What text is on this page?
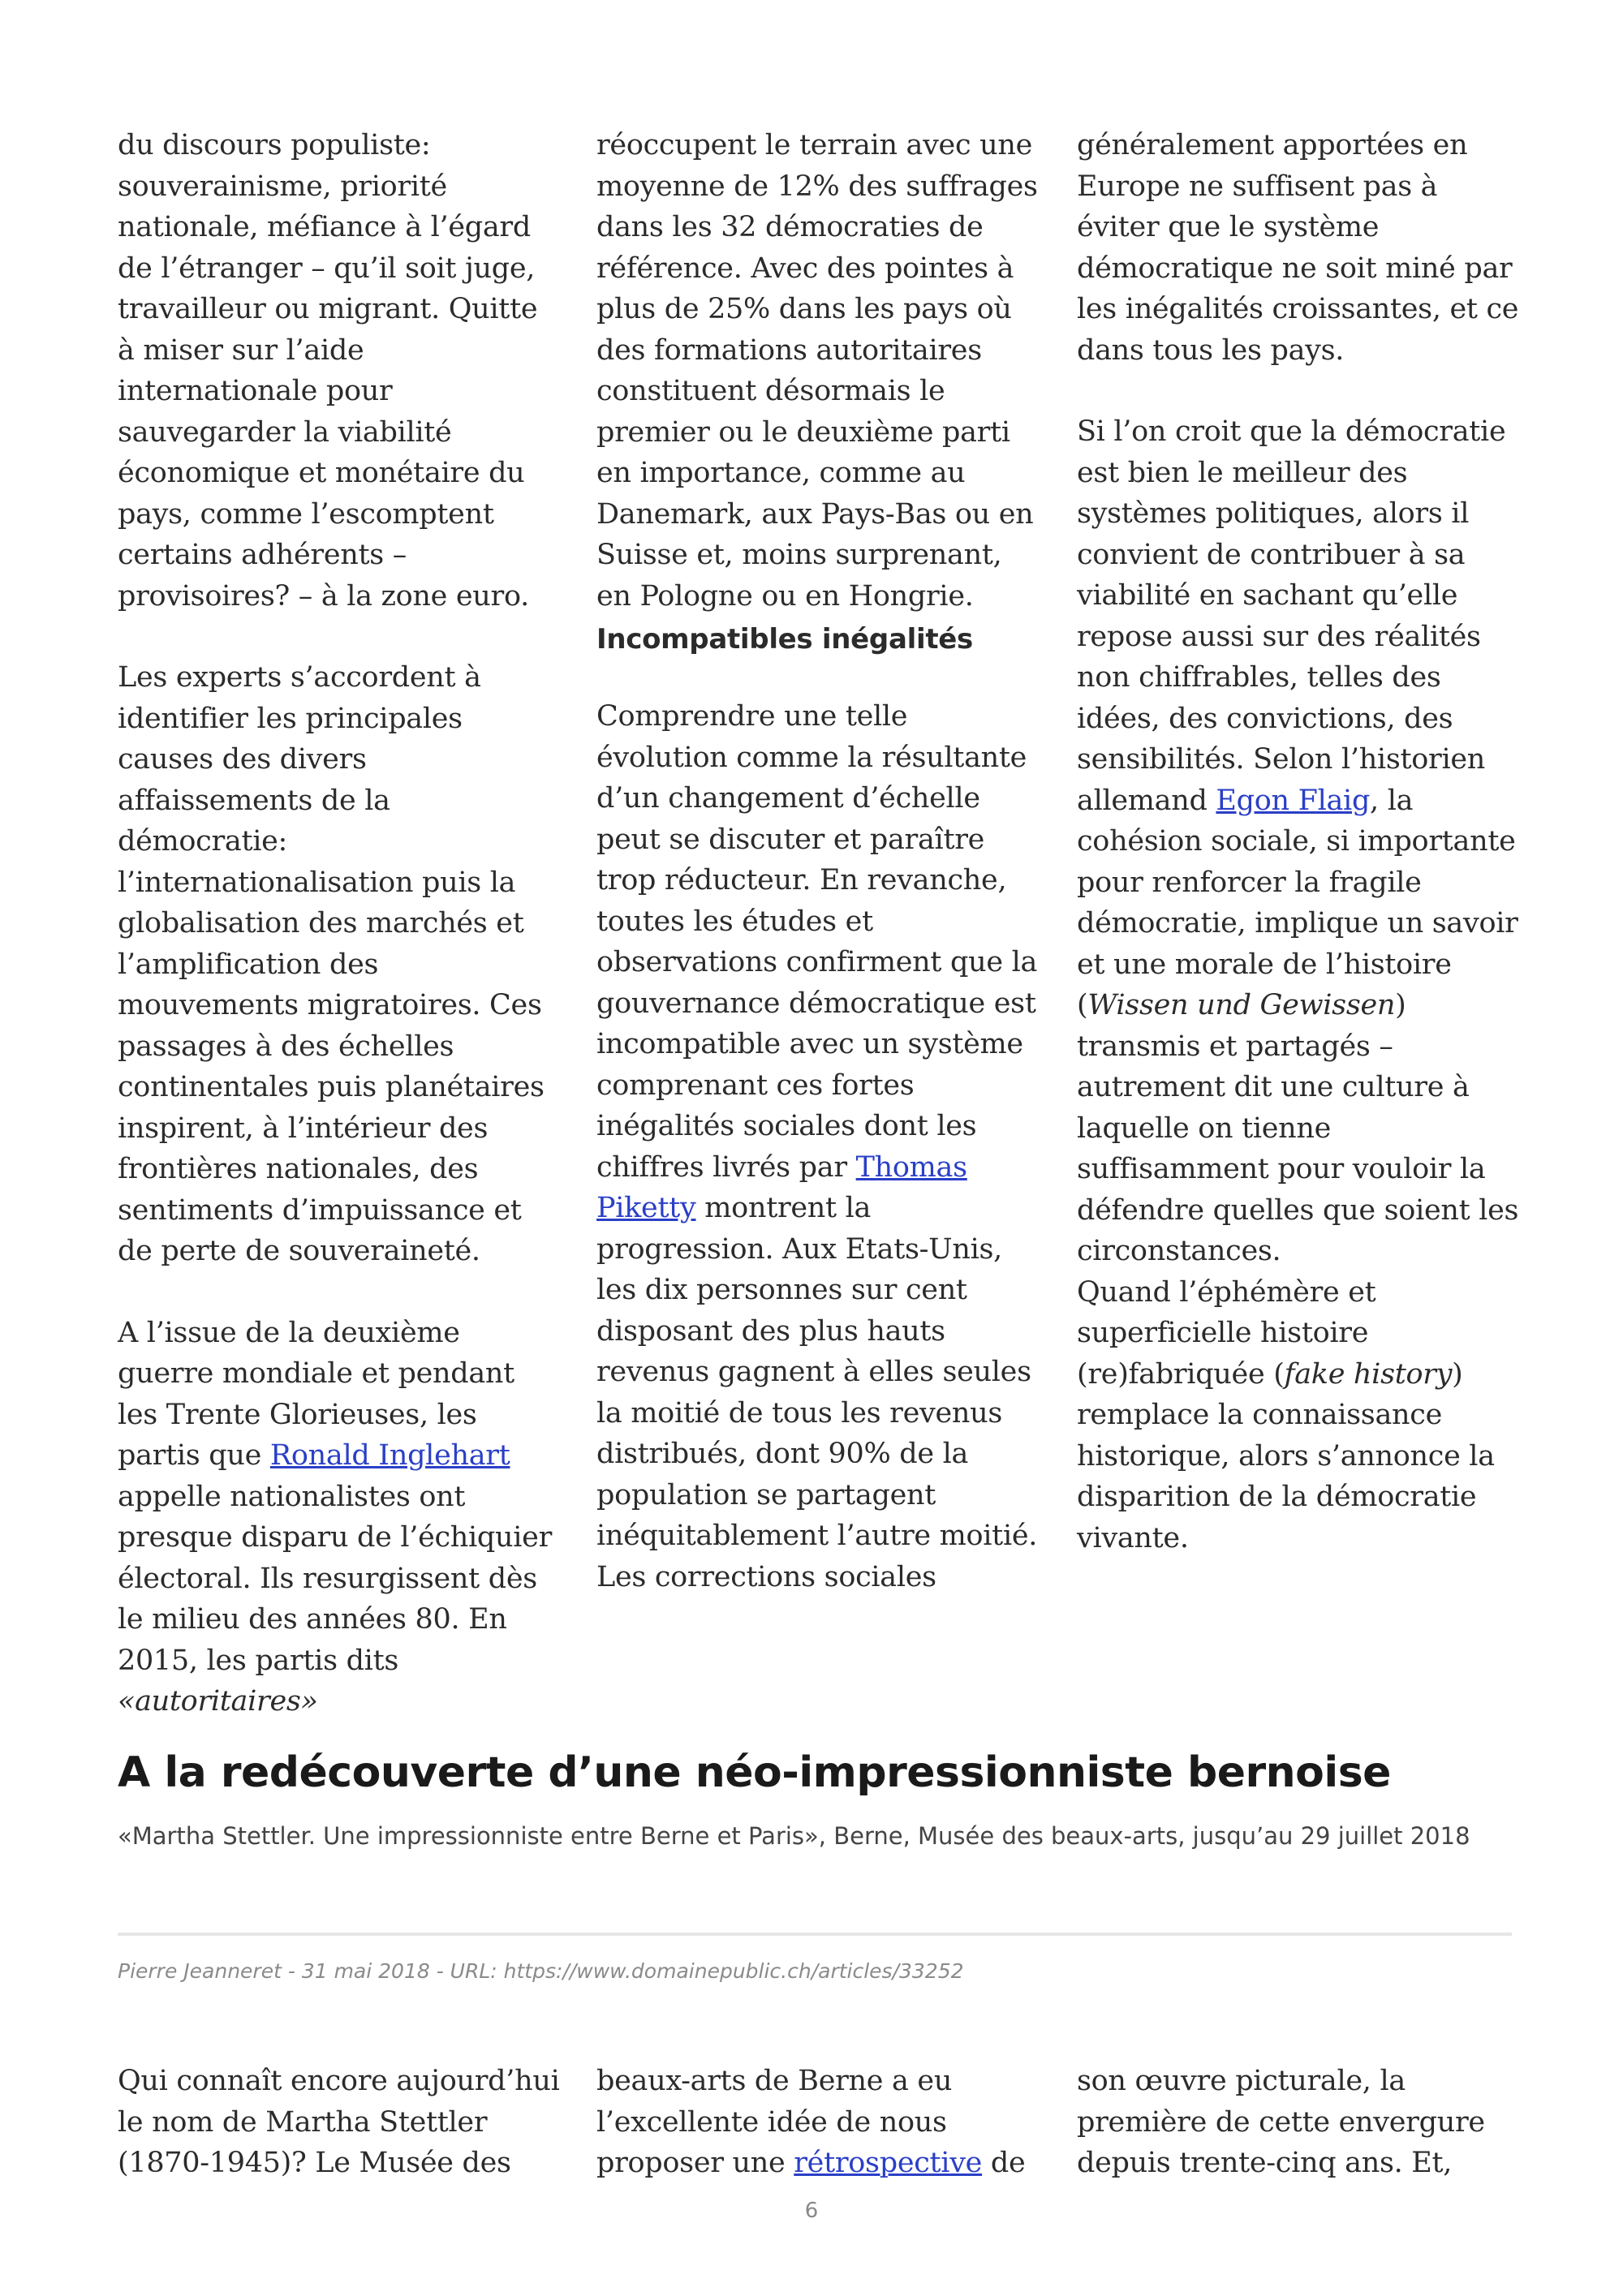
du discours populiste: souverainisme, priorité nationale, méfiance à l’égard de l’étranger – qu’il soit juge, travailleur ou migrant. Quitte à miser sur l’aide internationale pour sauvegarder la viabilité économique et monétaire du pays, comme l’escomptent certains adhérents – provisoires? – à la zone euro.

Les experts s’accordent à identifier les principales causes des divers affaissements de la démocratie: l’internationalisation puis la globalisation des marchés et l’amplification des mouvements migratoires. Ces passages à des échelles continentales puis planétaires inspirent, à l’intérieur des frontières nationales, des sentiments d’impuissance et de perte de souveraineté.

A l’issue de la deuxième guerre mondiale et pendant les Trente Glorieuses, les partis que Ronald Inglehart appelle nationalistes ont presque disparu de l’échiquier électoral. Ils resurgissent dès le milieu des années 80. En 2015, les partis dits «autoritaires»

réoccupent le terrain avec une moyenne de 12% des suffrages dans les 32 démocraties de référence. Avec des pointes à plus de 25% dans les pays où des formations autoritaires constituent désormais le premier ou le deuxième parti en importance, comme au Danemark, aux Pays-Bas ou en Suisse et, moins surprenant, en Pologne ou en Hongrie.

Incompatibles inégalités

Comprendre une telle évolution comme la résultante d’un changement d’échelle peut se discuter et paraître trop réducteur. En revanche, toutes les études et observations confirment que la gouvernance démocratique est incompatible avec un système comprenant ces fortes inégalités sociales dont les chiffres livrés par Thomas Piketty montrent la progression. Aux Etats-Unis, les dix personnes sur cent disposant des plus hauts revenus gagnent à elles seules la moitié de tous les revenus distribués, dont 90% de la population se partagent inéquitablement l’autre moitié. Les corrections sociales

généralement apportées en Europe ne suffisent pas à éviter que le système démocratique ne soit miné par les inégalités croissantes, et ce dans tous les pays.

Si l’on croit que la démocratie est bien le meilleur des systèmes politiques, alors il convient de contribuer à sa viabilité en sachant qu’elle repose aussi sur des réalités non chiffrables, telles des idées, des convictions, des sensibilités. Selon l’historien allemand Egon Flaig, la cohésion sociale, si importante pour renforcer la fragile démocratie, implique un savoir et une morale de l’histoire (Wissen und Gewissen) transmis et partagés – autrement dit une culture à laquelle on tienne suffisamment pour vouloir la défendre quelles que soient les circonstances.
Quand l’éphémère et superficielle histoire (re)fabriquée (fake history) remplace la connaissance historique, alors s’annonce la disparition de la démocratie vivante.

A la redécouverte d’une néo-impressionniste bernoise

«Martha Stettler. Une impressionniste entre Berne et Paris», Berne, Musée des beaux-arts, jusqu’au 29 juillet 2018

Pierre Jeanneret - 31 mai 2018 - URL: https://www.domainepublic.ch/articles/33252

Qui connaît encore aujourd’hui le nom de Martha Stettler (1870-1945)? Le Musée des

beaux-arts de Berne a eu l’excellente idée de nous proposer une rétrospective de

son œuvre picturale, la première de cette envergure depuis trente-cinq ans. Et,

6
